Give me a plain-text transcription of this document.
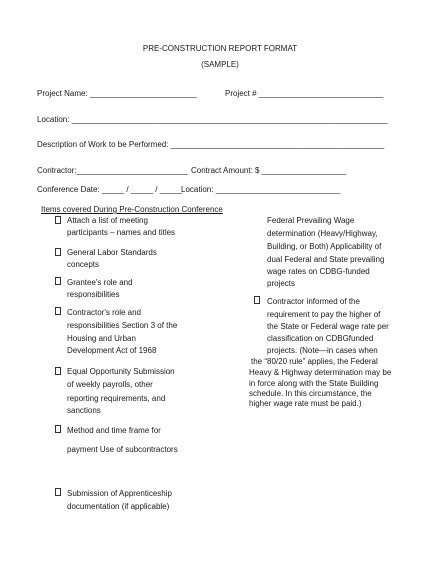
PRE-CONSTRUCTION REPORT FORMAT
(SAMPLE)
Project Name: ________________________	Project # ____________________________
Location: _______________________________________________________________________
Description of Work to be Performed: ________________________________________________
Contractor:_________________________ Contract Amount: $ ___________________
Conference Date: _____ / _____ / _____ Location: ____________________________
Items covered During Pre-Construction Conference
Attach a list of meeting
participants – names and titles
General Labor Standards
concepts
Grantee's role and
responsibilities
Contractor's role and
responsibilities Section 3 of the
Housing and Urban
Development Act of 1968
Equal Opportunity Submission
of weekly payrolls, other
reporting requirements, and
sanctions
Method and time frame for
payment Use of subcontractors
Submission of Apprenticeship
documentation (if applicable)
Federal Prevailing Wage
determination (Heavy/Highway,
Building, or Both) Applicability of
dual Federal and State prevailing
wage rates on CDBG-funded
projects
Contractor informed of the
requirement to pay the higher of
the State or Federal wage rate per
classification on CDBGfunded
projects. (Note—in cases when
the “80/20 rule” applies, the Federal
Heavy & Highway determination may be
in force along with the State Building
schedule. In this circumstance, the
higher wage rate must be paid.)
